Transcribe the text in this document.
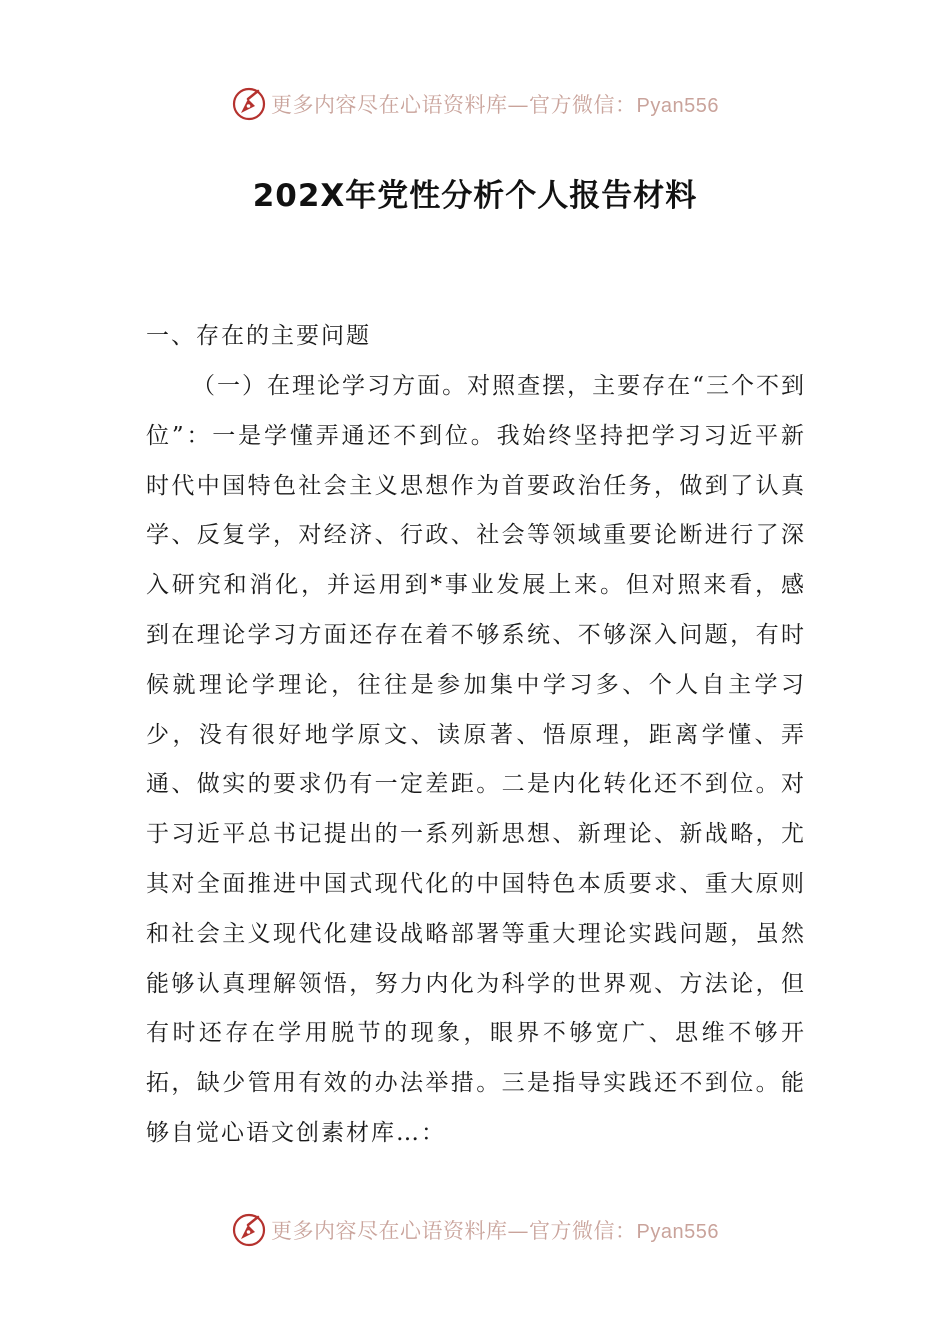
更多内容尽在心语资料库—官方微信：Pyan556
202X年党性分析个人报告材料
一、存在的主要问题

（一）在理论学习方面。对照查摆，主要存在“三个不到位”：一是学懂弄通还不到位。我始终坚持把学习习近平新时代中国特色社会主义思想作为首要政治任务，做到了认真学、反复学，对经济、行政、社会等领域重要论断进行了深入研究和消化，并运用到*事业发展上来。但对照来看，感到在理论学习方面还存在着不够系统、不够深入问题，有时候就理论学理论，往往是参加集中学习多、个人自主学习少，没有很好地学原文、读原著、悟原理，距离学懂、弄通、做实的要求仍有一定差距。二是内化转化还不到位。对于习近平总书记提出的一系列新思想、新理论、新战略，尤其对全面推进中国式现代化的中国特色本质要求、重大原则和社会主义现代化建设战略部署等重大理论实践问题，虽然能够认真理解领悟，努力内化为科学的世界观、方法论，但有时还存在学用脱节的现象，眼界不够宽广、思维不够开拓，缺少管用有效的办法举措。三是指导实践还不到位。能够自觉心语文创素材库…：

更多内容尽在心语资料库—官方微信：Pyan556
